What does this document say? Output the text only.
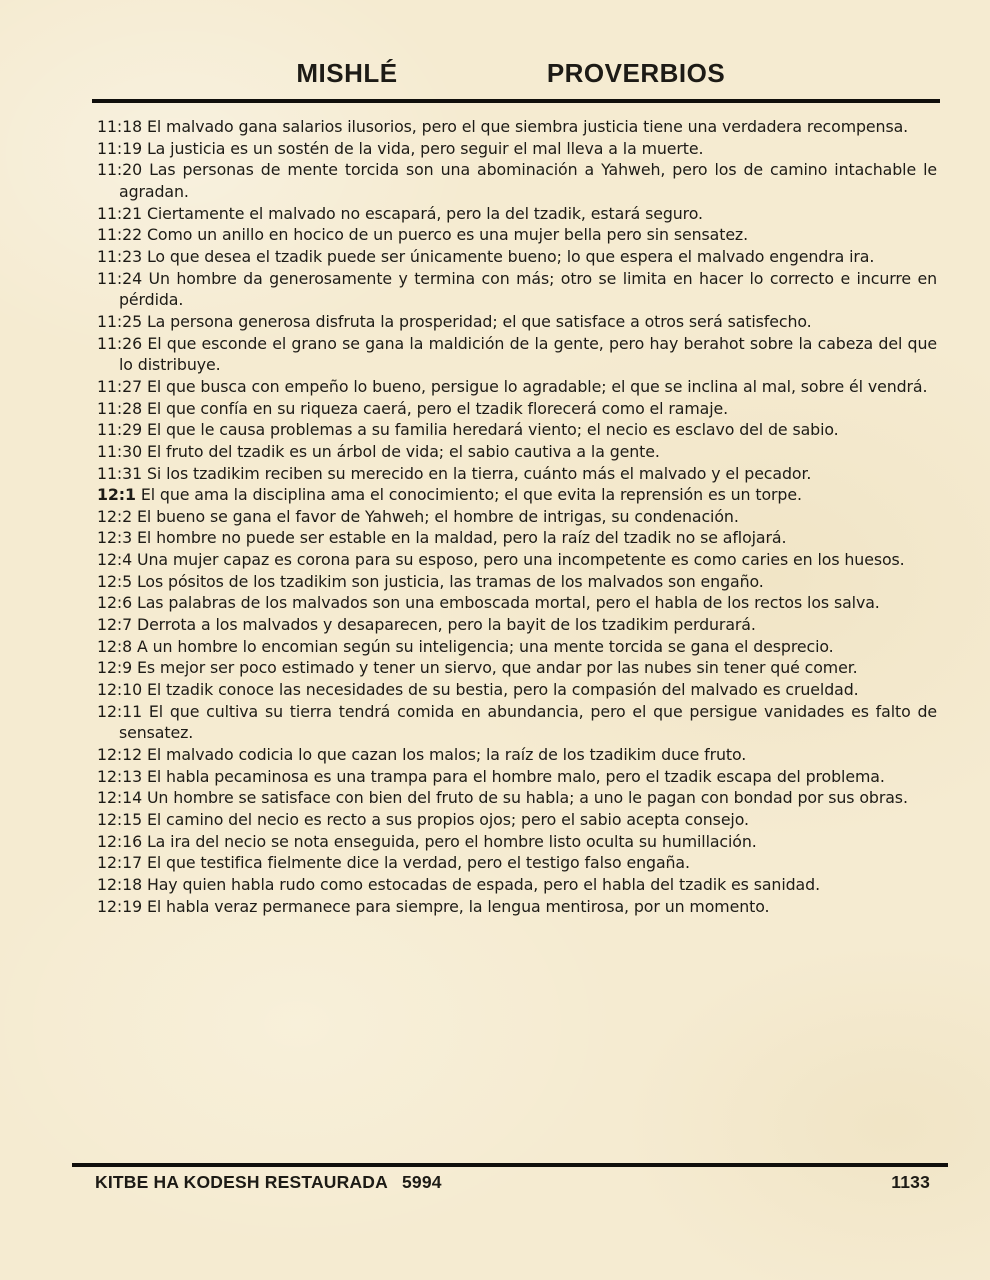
MISHLÉ	PROVERBIOS

11:18 El malvado gana salarios ilusorios, pero el que siembra justicia tiene una verdadera recompensa.

11:19 La justicia es un sostén de la vida, pero seguir el mal lleva a la muerte.

11:20 Las personas de mente torcida son una abominación a Yahweh, pero los de camino intachable le agradan.

11:21 Ciertamente el malvado no escapará, pero la del tzadik, estará seguro.

11:22 Como un anillo en hocico de un puerco es una mujer bella pero sin sensatez.

11:23 Lo que desea el tzadik puede ser únicamente bueno; lo que espera el malvado engendra ira.

11:24 Un hombre da generosamente y termina con más; otro se limita en hacer lo correcto e incurre en pérdida.

11:25 La persona generosa disfruta la prosperidad; el que satisface a otros será satisfecho.

11:26 El que esconde el grano se gana la maldición de la gente, pero hay berahot sobre la cabeza del que lo distribuye.

11:27 El que busca con empeño lo bueno, persigue lo agradable; el que se inclina al mal, sobre él vendrá.

11:28 El que confía en su riqueza caerá, pero el tzadik florecerá como el ramaje.

11:29 El que le causa problemas a su familia heredará viento; el necio es esclavo del de sabio.

11:30 El fruto del tzadik es un árbol de vida; el sabio cautiva a la gente.

11:31 Si los tzadikim reciben su merecido en la tierra, cuánto más el malvado y el pecador.

12:1 El que ama la disciplina ama el conocimiento; el que evita la reprensión es un torpe.

12:2 El bueno se gana el favor de Yahweh; el hombre de intrigas, su condenación.

12:3 El hombre no puede ser estable en la maldad, pero la raíz del tzadik no se aflojará.

12:4 Una mujer capaz es corona para su esposo, pero una incompetente es como caries en los huesos.

12:5 Los pósitos de los tzadikim son justicia, las tramas de los malvados son engaño.

12:6 Las palabras de los malvados son una emboscada mortal, pero el habla de los rectos los salva.

12:7 Derrota a los malvados y desaparecen, pero la bayit de los tzadikim perdurará.

12:8 A un hombre lo encomian según su inteligencia; una mente torcida se gana el desprecio.

12:9 Es mejor ser poco estimado y tener un siervo, que andar por las nubes sin tener qué comer.

12:10 El tzadik conoce las necesidades de su bestia, pero la compasión del malvado es crueldad.

12:11 El que cultiva su tierra tendrá comida en abundancia, pero el que persigue vanidades es falto de sensatez.

12:12 El malvado codicia lo que cazan los malos; la raíz de los tzadikim duce fruto.

12:13 El habla pecaminosa es una trampa para el hombre malo, pero el tzadik escapa del problema.

12:14 Un hombre se satisface con bien del fruto de su habla; a uno le pagan con bondad por sus obras.

12:15 El camino del necio es recto a sus propios ojos; pero el sabio acepta consejo.

12:16 La ira del necio se nota enseguida, pero el hombre listo oculta su humillación.

12:17 El que testifica fielmente dice la verdad, pero el testigo falso engaña.

12:18 Hay quien habla rudo como estocadas de espada, pero el habla del tzadik es sanidad.

12:19 El habla veraz permanece para siempre, la lengua mentirosa, por un momento.

KITBE HA KODESH RESTAURADA 5994	1133
